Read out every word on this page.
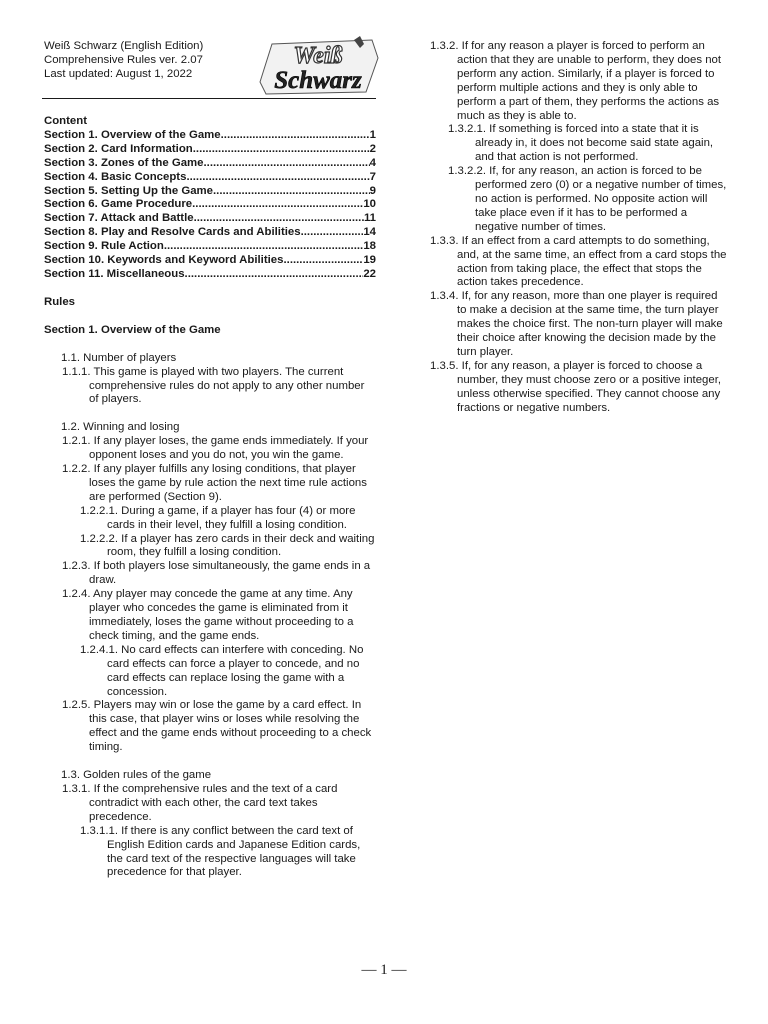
Weiß Schwarz (English Edition)
Comprehensive Rules ver. 2.07
Last updated: August 1, 2022
Weiß
Schwarz
Content
Section 1. Overview of the Game .....	1
Section 2. Card Information .....	2
Section 3. Zones of the Game .....	4
Section 4. Basic Concepts .....	7
Section 5. Setting Up the Game .....	9
Section 6. Game Procedure .....	10
Section 7. Attack and Battle .....	11
Section 8. Play and Resolve Cards and Abilities .....	14
Section 9. Rule Action .....	18
Section 10. Keywords and Keyword Abilities .....	19
Section 11. Miscellaneous .....	22
Rules
Section 1. Overview of the Game
1.1. Number of players
1.1.1. This game is played with two players. The current comprehensive rules do not apply to any other number of players.
1.2. Winning and losing
1.2.1. If any player loses, the game ends immediately. If your opponent loses and you do not, you win the game.
1.2.2. If any player fulfills any losing conditions, that player loses the game by rule action the next time rule actions are performed (Section 9).
1.2.2.1. During a game, if a player has four (4) or more cards in their level, they fulfill a losing condition.
1.2.2.2. If a player has zero cards in their deck and waiting room, they fulfill a losing condition.
1.2.3. If both players lose simultaneously, the game ends in a draw.
1.2.4. Any player may concede the game at any time. Any player who concedes the game is eliminated from it immediately, loses the game without proceeding to a check timing, and the game ends.
1.2.4.1. No card effects can interfere with conceding. No card effects can force a player to concede, and no card effects can replace losing the game with a concession.
1.2.5. Players may win or lose the game by a card effect. In this case, that player wins or loses while resolving the effect and the game ends without proceeding to a check timing.
1.3. Golden rules of the game
1.3.1. If the comprehensive rules and the text of a card contradict with each other, the card text takes precedence.
1.3.1.1. If there is any conflict between the card text of English Edition cards and Japanese Edition cards, the card text of the respective languages will take precedence for that player.
1.3.2. If for any reason a player is forced to perform an action that they are unable to perform, they does not perform any action. Similarly, if a player is forced to perform multiple actions and they is only able to perform a part of them, they performs the actions as much as they is able to.
1.3.2.1. If something is forced into a state that it is already in, it does not become said state again, and that action is not performed.
1.3.2.2. If, for any reason, an action is forced to be performed zero (0) or a negative number of times, no action is performed. No opposite action will take place even if it has to be performed a negative number of times.
1.3.3. If an effect from a card attempts to do something, and, at the same time, an effect from a card stops the action from taking place, the effect that stops the action takes precedence.
1.3.4. If, for any reason, more than one player is required to make a decision at the same time, the turn player makes the choice first. The non-turn player will make their choice after knowing the decision made by the turn player.
1.3.5. If, for any reason, a player is forced to choose a number, they must choose zero or a positive integer, unless otherwise specified. They cannot choose any fractions or negative numbers.
— 1 —
